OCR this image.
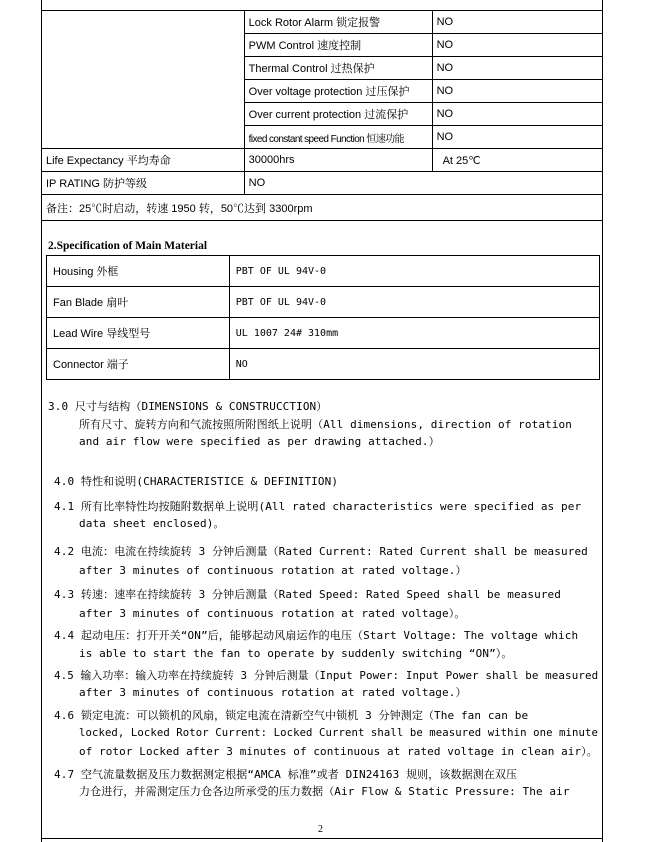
	Lock Rotor Alarm 锁定报警	NO
	PWM Control 速度控制	NO
	Thermal Control 过热保护	NO
	Over voltage protection 过压保护	NO
	Over current protection 过流保护	NO
	fixed constant speed Function 恒速功能	NO
Life Expectancy 平均寿命	30000hrs	At 25℃
IP RATING 防护等级	NO	
备注：25℃时启动，转速 1950 转，50℃达到 3300rpm		
2.Specification of Main Material
Housing 外框	PBT OF UL 94V-0
Fan Blade 扇叶	PBT OF UL 94V-0
Lead Wire 导线型号	UL 1007 24# 310mm
Connector 端子	NO
3.0 尺寸与结构（DIMENSIONS & CONSTRUCCTION）
所有尺寸、旋转方向和气流按照所附图纸上说明（All dimensions, direction of rotation
and air flow were specified as per drawing attached.）
4.0 特性和说明(CHARACTERISTICE & DEFINITION)
4.1 所有比率特性均按随附数据单上说明(All rated characteristics were specified as per
data sheet enclosed)。
4.2 电流：电流在持续旋转 3 分钟后测量（Rated Current: Rated Current shall be measured
after 3 minutes of continuous rotation at rated voltage.）
4.3 转速：速率在持续旋转 3 分钟后测量（Rated Speed: Rated Speed shall be measured
after 3 minutes of continuous rotation at rated voltage）。
4.4 起动电压：打开开关“ON”后，能够起动风扇运作的电压（Start Voltage: The voltage which
is able to start the fan to operate by suddenly switching “ON”）。
4.5 输入功率：输入功率在持续旋转 3 分钟后测量（Input Power: Input Power shall be measured
after 3 minutes of continuous rotation at rated voltage.）
4.6 锁定电流：可以锁机的风扇，锁定电流在清新空气中锁机 3 分钟测定（The fan can be
locked, Locked Rotor Current: Locked Current shall be measured within one minute
of rotor Locked after 3 minutes of continuous at rated voltage in clean air）。
4.7 空气流量数据及压力数据测定根据“AMCA 标准”或者 DIN24163 规则，该数据测在双压
力仓进行，并需测定压力仓各边所承受的压力数据（Air Flow & Static Pressure: The air
2
